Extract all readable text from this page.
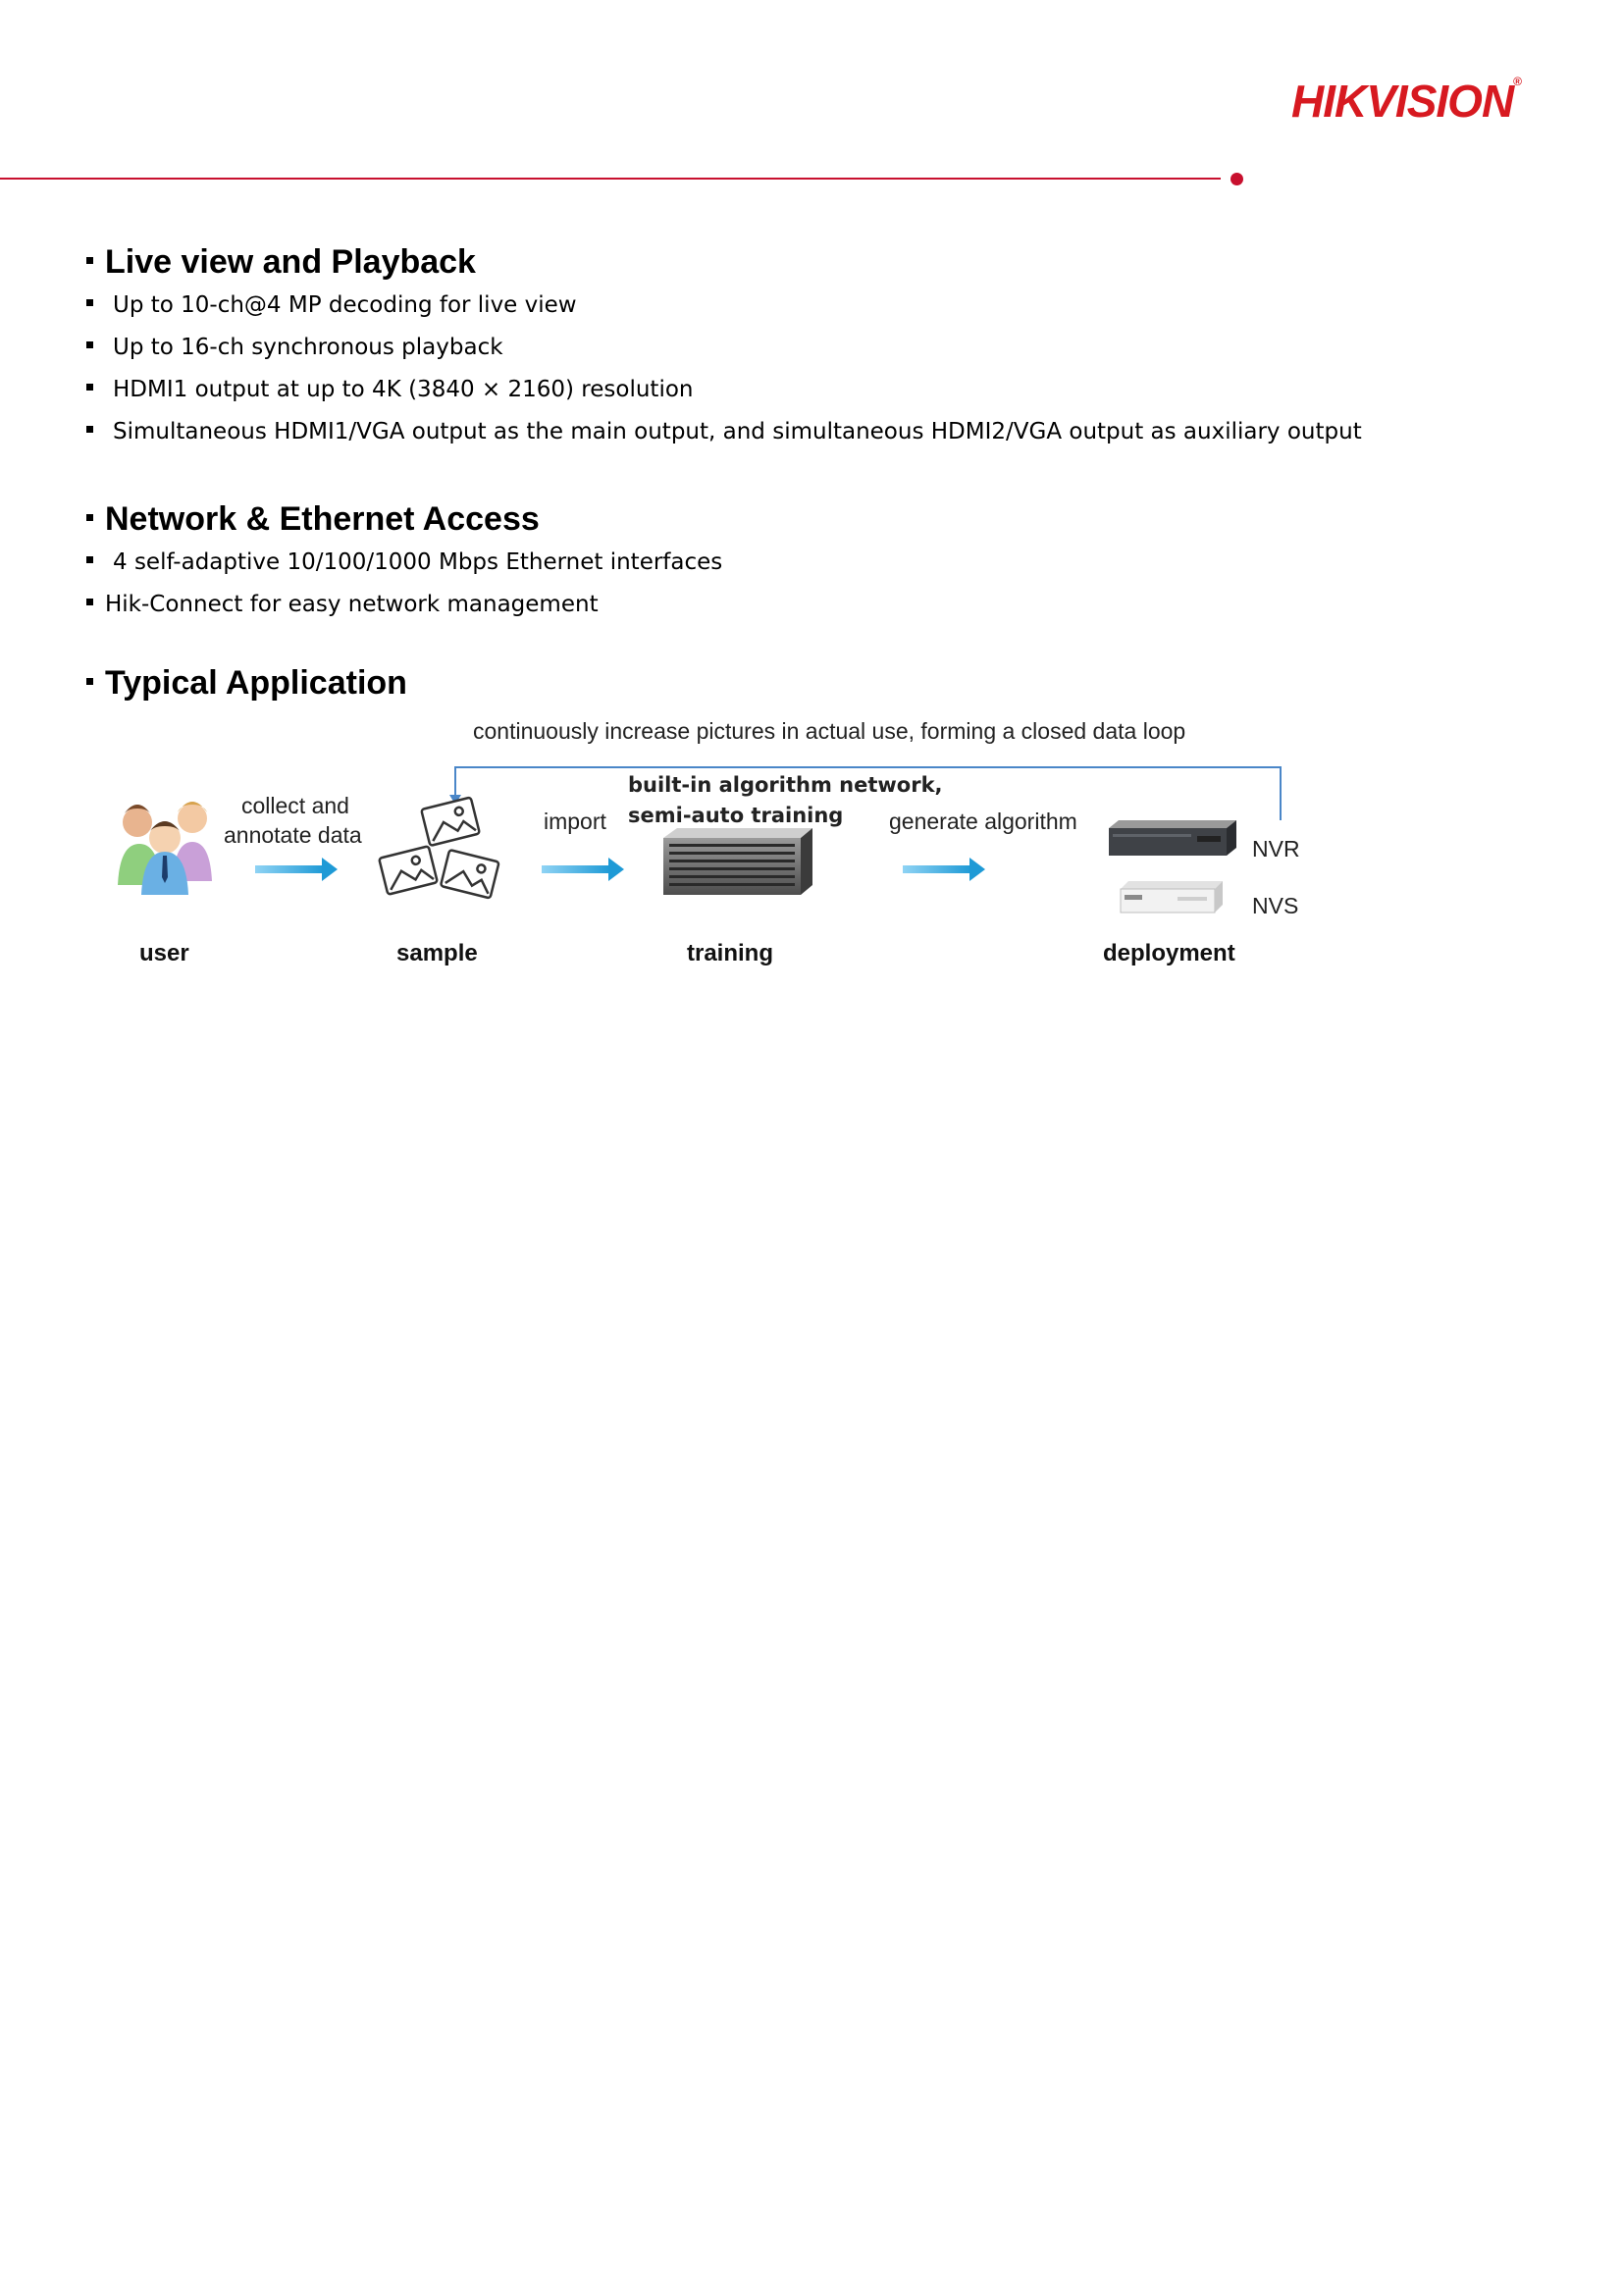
HIKVISION®
Live view and Playback
Up to 10-ch@4 MP decoding for live view
Up to 16-ch synchronous playback
HDMI1 output at up to 4K (3840 × 2160) resolution
Simultaneous HDMI1/VGA output as the main output, and simultaneous HDMI2/VGA output as auxiliary output
Network & Ethernet Access
4 self-adaptive 10/100/1000 Mbps Ethernet interfaces
Hik-Connect for easy network management
Typical Application
continuously increase pictures in actual use, forming a closed data loop
collect and
annotate data
import
built-in algorithm network,
semi-auto training generate algorithm
NVR
NVS
user	sample	training	deployment
